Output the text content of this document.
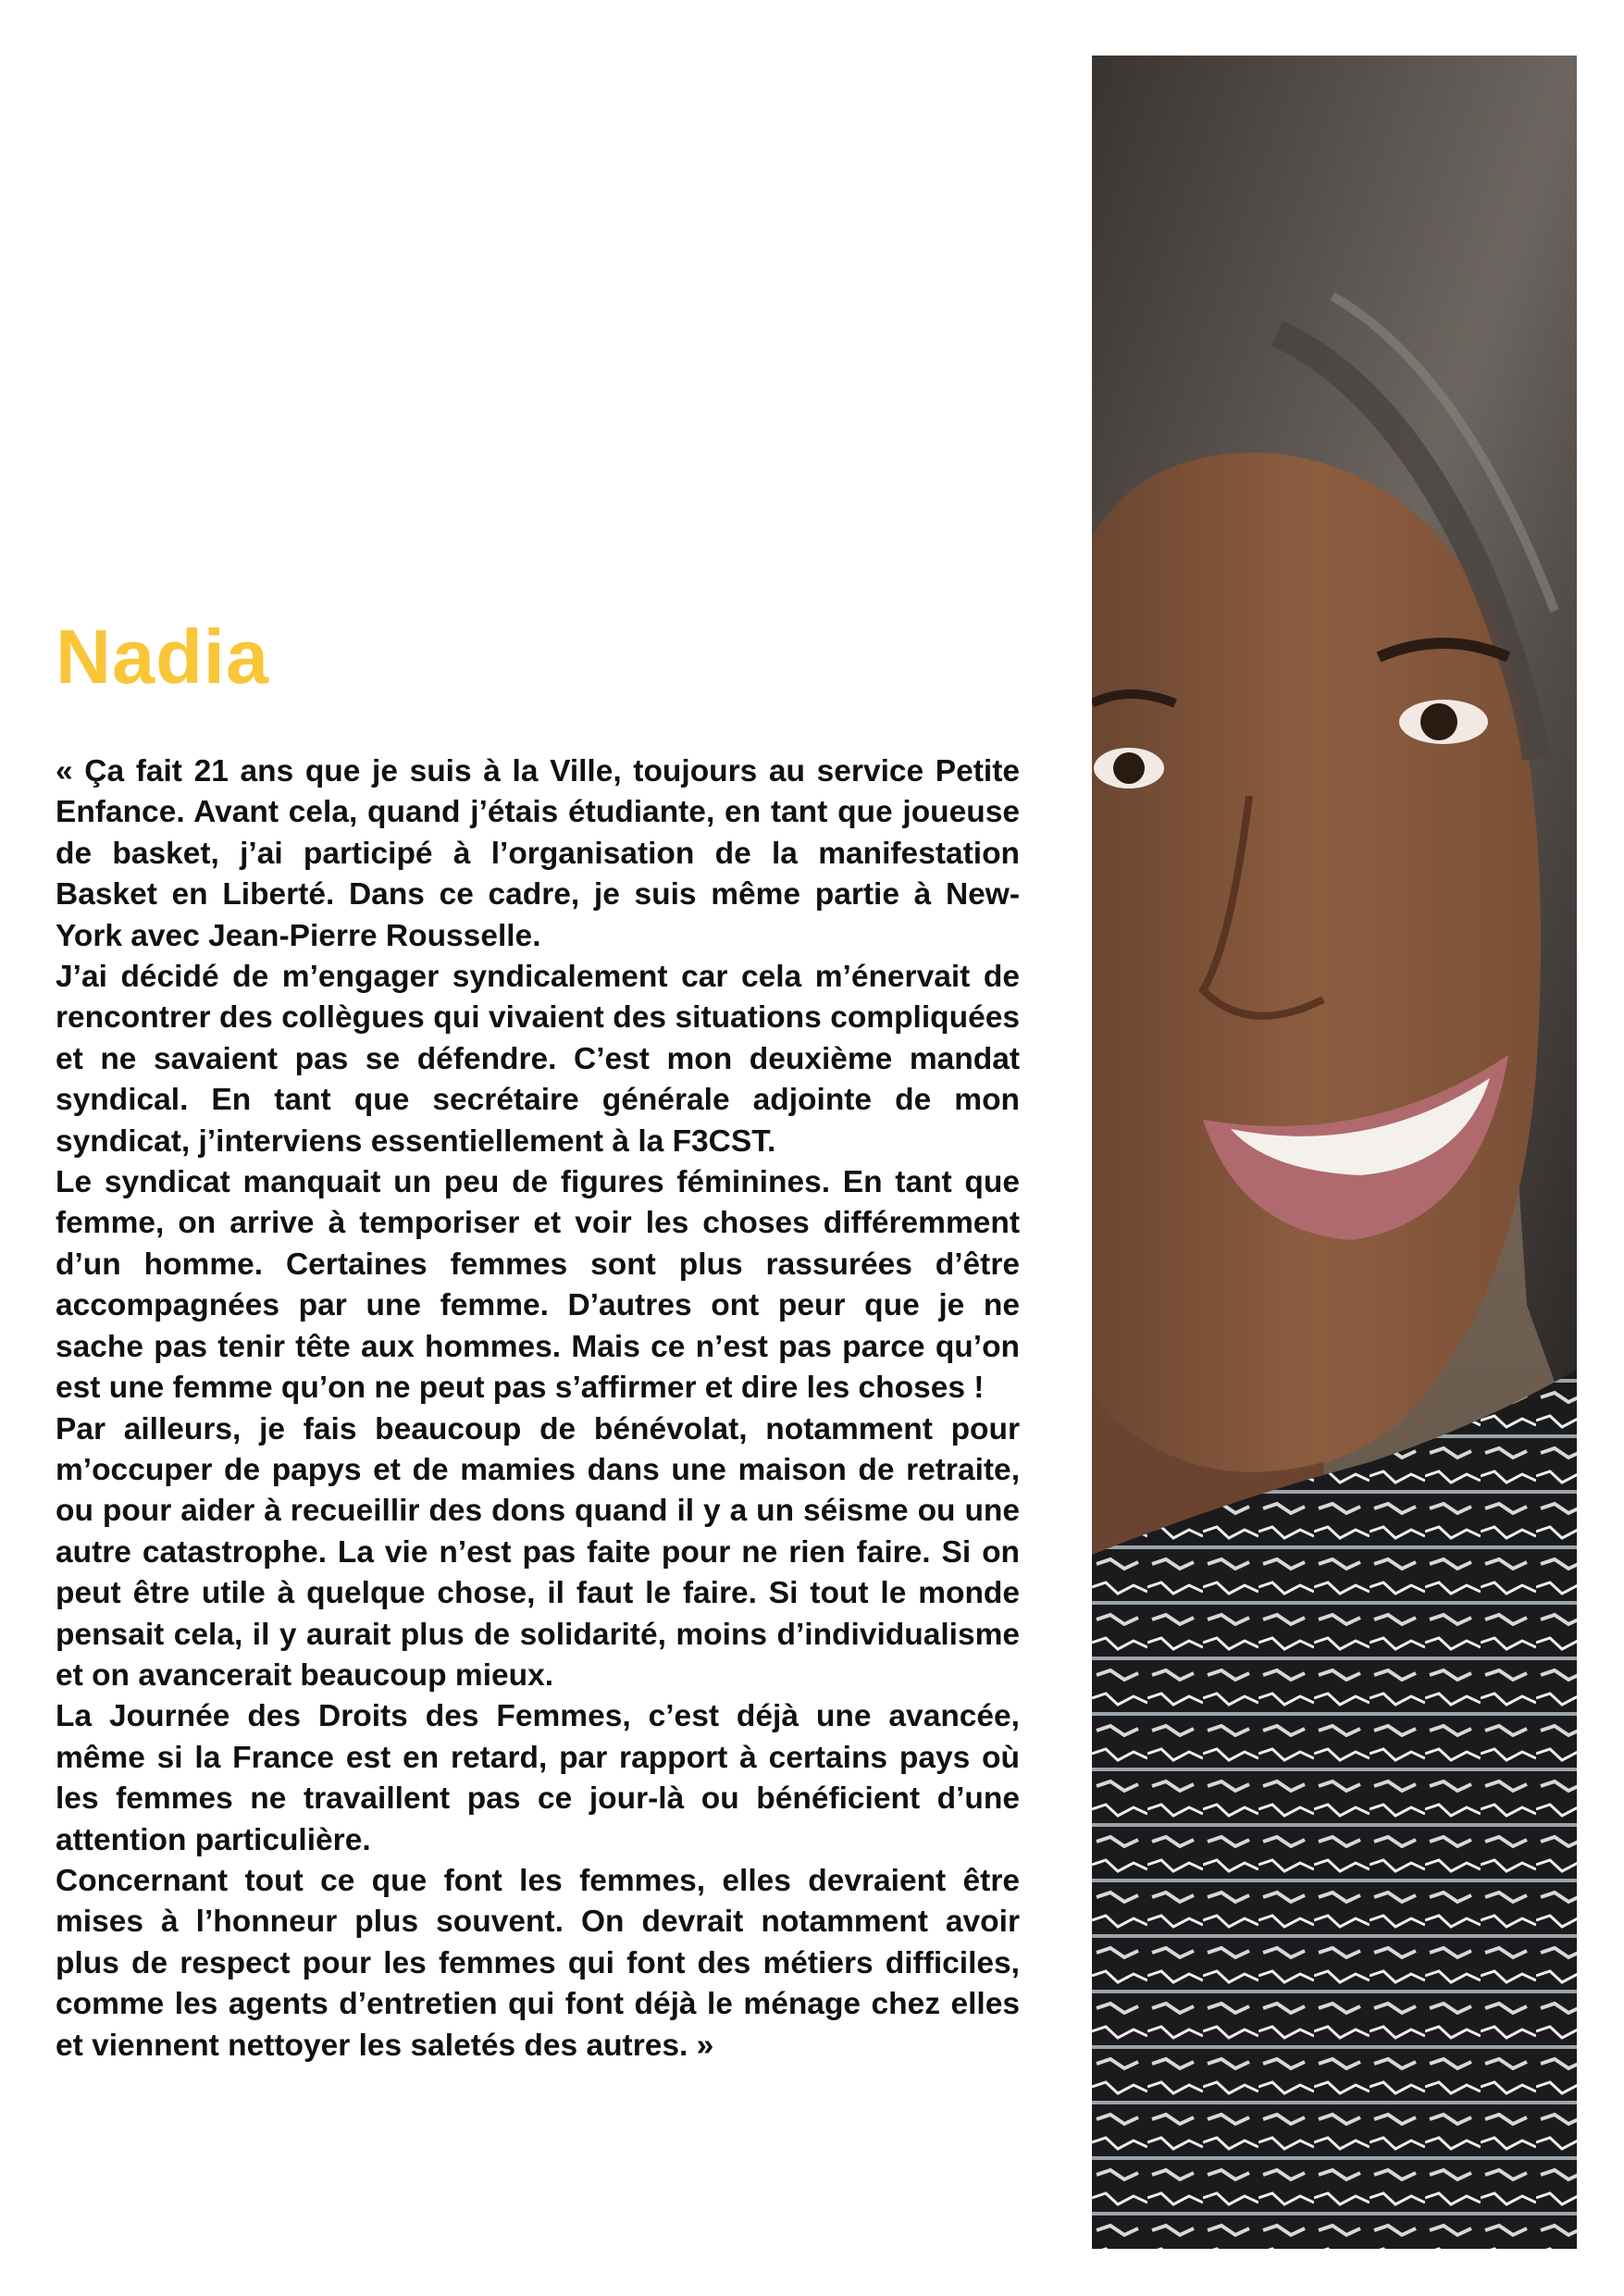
Nadia

« Ça fait 21 ans que je suis à la Ville, toujours au service Petite Enfance. Avant cela, quand j’étais étudiante, en tant que joueuse de basket, j’ai participé à l’organisation de la manifestation Basket en Liberté. Dans ce cadre, je suis même partie à New-York avec Jean-Pierre Rousselle.

J’ai décidé de m’engager syndicalement car cela m’énervait de rencontrer des collègues qui vivaient des situations compliquées et ne savaient pas se défendre. C’est mon deuxième mandat syndical. En tant que secrétaire générale adjointe de mon syndicat, j’interviens essentiellement à la F3CST.

Le syndicat manquait un peu de figures féminines. En tant que femme, on arrive à temporiser et voir les choses différemment d’un homme. Certaines femmes sont plus rassurées d’être accompagnées par une femme. D’autres ont peur que je ne sache pas tenir tête aux hommes. Mais ce n’est pas parce qu’on est une femme qu’on ne peut pas s’affirmer et dire les choses !

Par ailleurs, je fais beaucoup de bénévolat, notamment pour m’occuper de papys et de mamies dans une maison de retraite, ou pour aider à recueillir des dons quand il y a un séisme ou une autre catastrophe. La vie n’est pas faite pour ne rien faire. Si on peut être utile à quelque chose, il faut le faire. Si tout le monde pensait cela, il y aurait plus de solidarité, moins d’individualisme et on avancerait beaucoup mieux.

La Journée des Droits des Femmes, c’est déjà une avancée, même si la France est en retard, par rapport à certains pays où les femmes ne travaillent pas ce jour-là ou bénéficient d’une attention particulière.

Concernant tout ce que font les femmes, elles devraient être mises à l’honneur plus souvent. On devrait notamment avoir plus de respect pour les femmes qui font des métiers difficiles, comme les agents d’entretien qui font déjà le ménage chez elles et viennent nettoyer les saletés des autres. »
